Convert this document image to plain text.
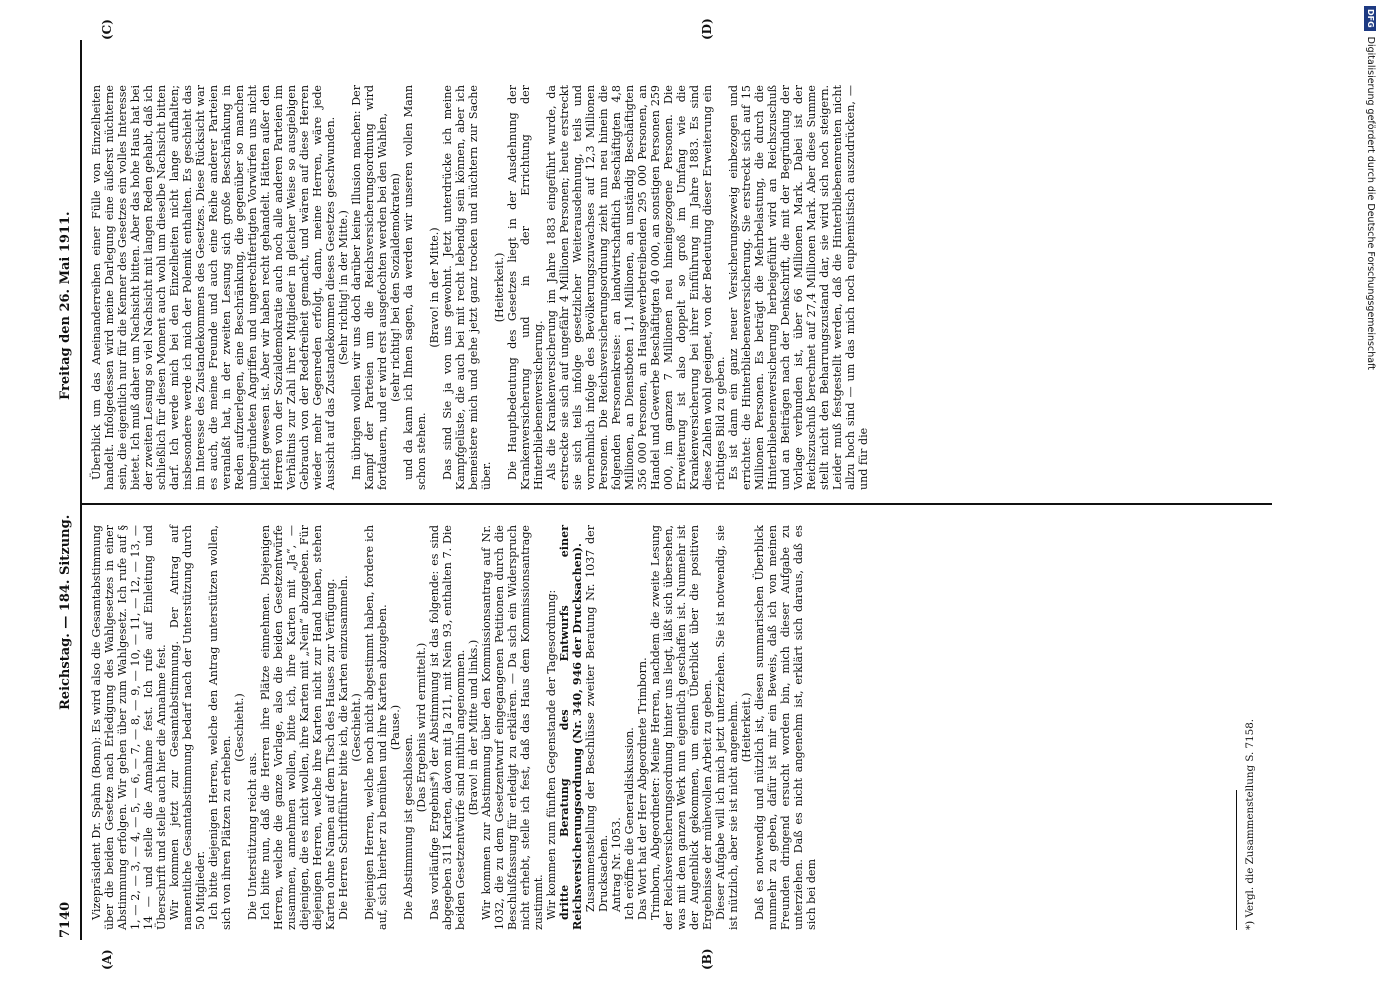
7140
Reichstag. — 184. Sitzung.
Freitag den 26. Mai 1911.
(A)	(B)
(C)	(D)

Vizepräsident Dr. Spahn (Bonn): Es wird also die Gesamtabstimmung über die beiden Gesetze nach Erledigung des Wahlgesetzes in einer Abstimmung erfolgen. Wir gehen über zum Wahlgesetz. Ich rufe auf § 1, — 2, — 3, — 4, — 5, — 6, — 7, — 8, — 9, — 10, — 11, — 12, — 13, — 14 — und stelle die Annahme fest. Ich rufe auf Einleitung und Überschrift und stelle auch hier die Annahme fest. Wir kommen jetzt zur Gesamtabstimmung. Der Antrag auf namentliche Gesamtabstimmung bedarf nach der Unterstützung durch 50 Mitglieder. Ich bitte diejenigen Herren, welche den Antrag unterstützen wollen, sich von ihren Plätzen zu erheben.

(Geschieht.)

Die Unterstützung reicht aus. Ich bitte nun, daß die Herren ihre Plätze einnehmen. Diejenigen Herren, welche die ganze Vorlage, also die beiden Gesetzentwürfe zusammen, annehmen wollen, bitte ich, ihre Karten mit „Ja“, — diejenigen, die es nicht wollen, ihre Karten mit „Nein“ abzugeben. Für diejenigen Herren, welche ihre Karten nicht zur Hand haben, stehen Karten ohne Namen auf dem Tisch des Hauses zur Verfügung. Die Herren Schriftführer bitte ich, die Karten einzusammeln. (Geschieht.) Diejenigen Herren, welche noch nicht abgestimmt haben, fordere ich auf, sich hierher zu bemühen und ihre Karten abzugeben. (Pause.)

Die Abstimmung ist geschlossen.

(Das Ergebnis wird ermittelt.) Das vorläufige Ergebnis*) der Abstimmung ist das folgende: es sind abgegeben 311 Karten, davon mit Ja 211, mit Nein 93, enthalten 7. Die beiden Gesetzentwürfe sind mithin angenommen. (Bravo! in der Mitte und links.) Wir kommen zur Abstimmung über den Kommissionsantrag auf Nr. 1032, die zu dem Gesetzentwurf eingegangenen Petitionen durch die Beschlußfassung für erledigt zu erklären. — Da sich ein Widerspruch nicht erhebt, stelle ich fest, daß das Haus dem Kommissionsantrage zustimmt. Wir kommen zum fünften Gegenstande der Tagesordnung: dritte Beratung des Entwurfs einer Reichsversicherungsordnung (Nr. 340, 946 der Drucksachen). Zusammenstellung der Beschlüsse zweiter Beratung Nr. 1037 der Drucksachen. Antrag Nr. 1053. Ich eröffne die Generaldiskussion. Das Wort hat der Herr Abgeordnete Trimborn. Trimborn, Abgeordneter: Meine Herren, nachdem die zweite Lesung der Reichsversicherungsordnung hinter uns liegt, läßt sich übersehen, was mit dem ganzen Werk nun eigentlich geschaffen ist. Nunmehr ist der Augenblick gekommen, um einen Überblick über die positiven Ergebnisse der mühevollen Arbeit zu geben. Dieser Aufgabe will ich mich jetzt unterziehen. Sie ist notwendig, sie ist nützlich, aber sie ist nicht angenehm. (Heiterkeit.) Daß es notwendig und nützlich ist, diesen summarischen Überblick nunmehr zu geben, dafür ist mir ein Beweis, daß ich von meinen Freunden dringend ersucht worden bin, mich dieser Aufgabe zu unterziehen. Daß es nicht angenehm ist, erklärt sich daraus, daß es sich bei dem

Überblick um das Aneinanderreihen einer Fülle von Einzelheiten handelt. Infolgedessen wird meine Darlegung eine äußerst nüchterne sein, die eigentlich nur für die Kenner des Gesetzes ein volles Interesse bietet. Ich muß daher um Nachsicht bitten. Aber das hohe Haus hat bei der zweiten Lesung so viel Nachsicht mit langen Reden gehabt, daß ich schließlich für diesen Moment auch wohl um dieselbe Nachsicht bitten darf. Ich werde mich bei den Einzelheiten nicht lange aufhalten; insbesondere werde ich mich der Polemik enthalten. Es geschieht das im Interesse des Zustandekommens des Gesetzes. Diese Rücksicht war es auch, die meine Freunde und auch eine Reihe anderer Parteien veranlaßt hat, in der zweiten Lesung sich große Beschränkung in Reden aufzuerlegen, eine Beschränkung, die gegenüber so manchen unbegründeten Angriffen und ungerechtfertigten Vorwürfen uns nicht leicht gewesen ist. Aber wir haben recht gehandelt. Hätten außer den Herren von der Sozialdemokratie auch noch alle anderen Parteien im Verhältnis zur Zahl ihrer Mitglieder in gleicher Weise so ausgiebigen Gebrauch von der Redefreiheit gemacht, und wären auf diese Herren wieder mehr Gegenreden erfolgt, dann, meine Herren, wäre jede Aussicht auf das Zustandekommen dieses Gesetzes geschwunden. (Sehr richtig! in der Mitte.) Im übrigen wollen wir uns doch darüber keine Illusion machen: Der Kampf der Parteien um die Reichsversicherungsordnung wird fortdauern, und er wird erst ausgefochten werden bei den Wahlen, (sehr richtig! bei den Sozialdemokraten) und da kann ich Ihnen sagen, da werden wir unseren vollen Mann schon stehen.

(Bravo! in der Mitte.) Das sind Sie ja von uns gewohnt. Jetzt unterdrücke ich meine Kampfgelüste, die auch bei mit recht lebendig sein können, aber ich bemeistere mich und gehe jetzt ganz trocken und nüchtern zur Sache über.

(Heiterkeit.) Die Hauptbedeutung des Gesetzes liegt in der Ausdehnung der Krankenversicherung und in der Errichtung der Hinterbliebenenversicherung. Als die Krankenversicherung im Jahre 1883 eingeführt wurde, da erstreckte sie sich auf ungefähr 4 Millionen Personen; heute erstreckt sie sich teils infolge gesetzlicher Weiterausdehnung, teils und vornehmlich infolge des Bevölkerungszuwachses auf 12,3 Millionen Personen. Die Reichsversicherungsordnung zieht nun neu hinein die folgenden Personenkreise: an landwirtschaftlich Beschäftigten 4,8 Millionen, an Dienstboten 1,1 Millionen, an unständig Beschäftigten 356 000 Personen, an Hausgewerbetreibenden 295 000 Personen, an Handel und Gewerbe Beschäftigten 40 000, an sonstigen Personen 259 000, im ganzen 7 Millionen neu hineingezogene Personen. Die Erweiterung ist also doppelt so groß im Umfang wie die Krankenversicherung bei ihrer Einführung im Jahre 1883. Es sind diese Zahlen wohl geeignet, von der Bedeutung dieser Erweiterung ein richtiges Bild zu geben. Es ist dann ein ganz neuer Versicherungszweig einbezogen und errichtet: die Hinterbliebenenversicherung. Sie erstreckt sich auf 15 Millionen Personen. Es beträgt die Mehrbelastung, die durch die Hinterbliebenenversicherung herbeigeführt wird an Reichszuschuß und an Beiträgen nach der Denkschrift, die mit der Begründung der Vorlage verbunden ist, über 66 Millionen Mark. Dabei ist der Reichszuschuß berechnet auf 27,4 Millionen Mark. Aber diese Summe stellt nicht den Beharrungszustand dar, sie wird sich noch steigern. Leider muß festgestellt werden, daß die Hinterbliebenenrenten nicht allzu hoch sind — um das mich noch euphemistisch auszudrücken, — und für die

*) Vergl. die Zusammenstellung S. 7158.
DFGDigitalisierung gefördert durch die Deutsche Forschungsgemeinschaft
